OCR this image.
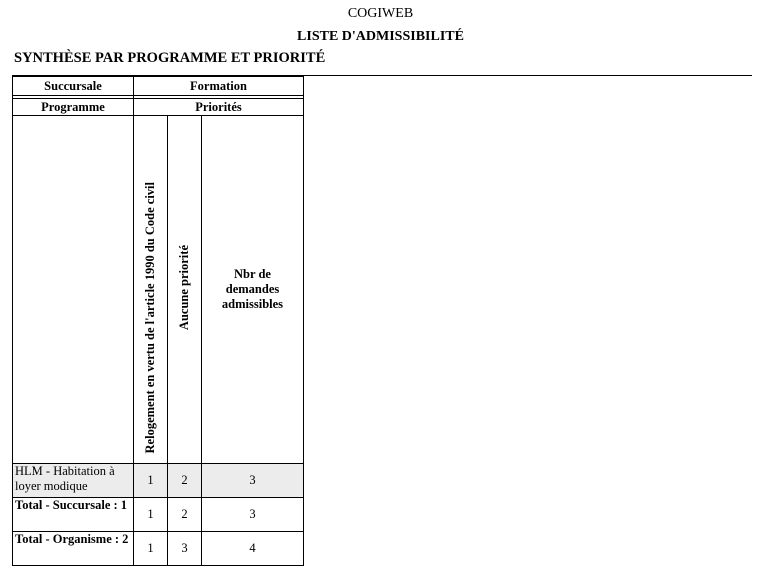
COGIWEB
LISTE D'ADMISSIBILITÉ
SYNTHÈSE PAR PROGRAMME ET PRIORITÉ
Succursale	Formation		

Programme	Priorités		
	Relogement en vertu de l'article 1990 du Code civil	Aucune priorité	Nbr de demandes admissibles

HLM - Habitation à loyer modique	1	2	3
Total - Succursale : 1	1	2	3
Total - Organisme : 2	1	3	4
